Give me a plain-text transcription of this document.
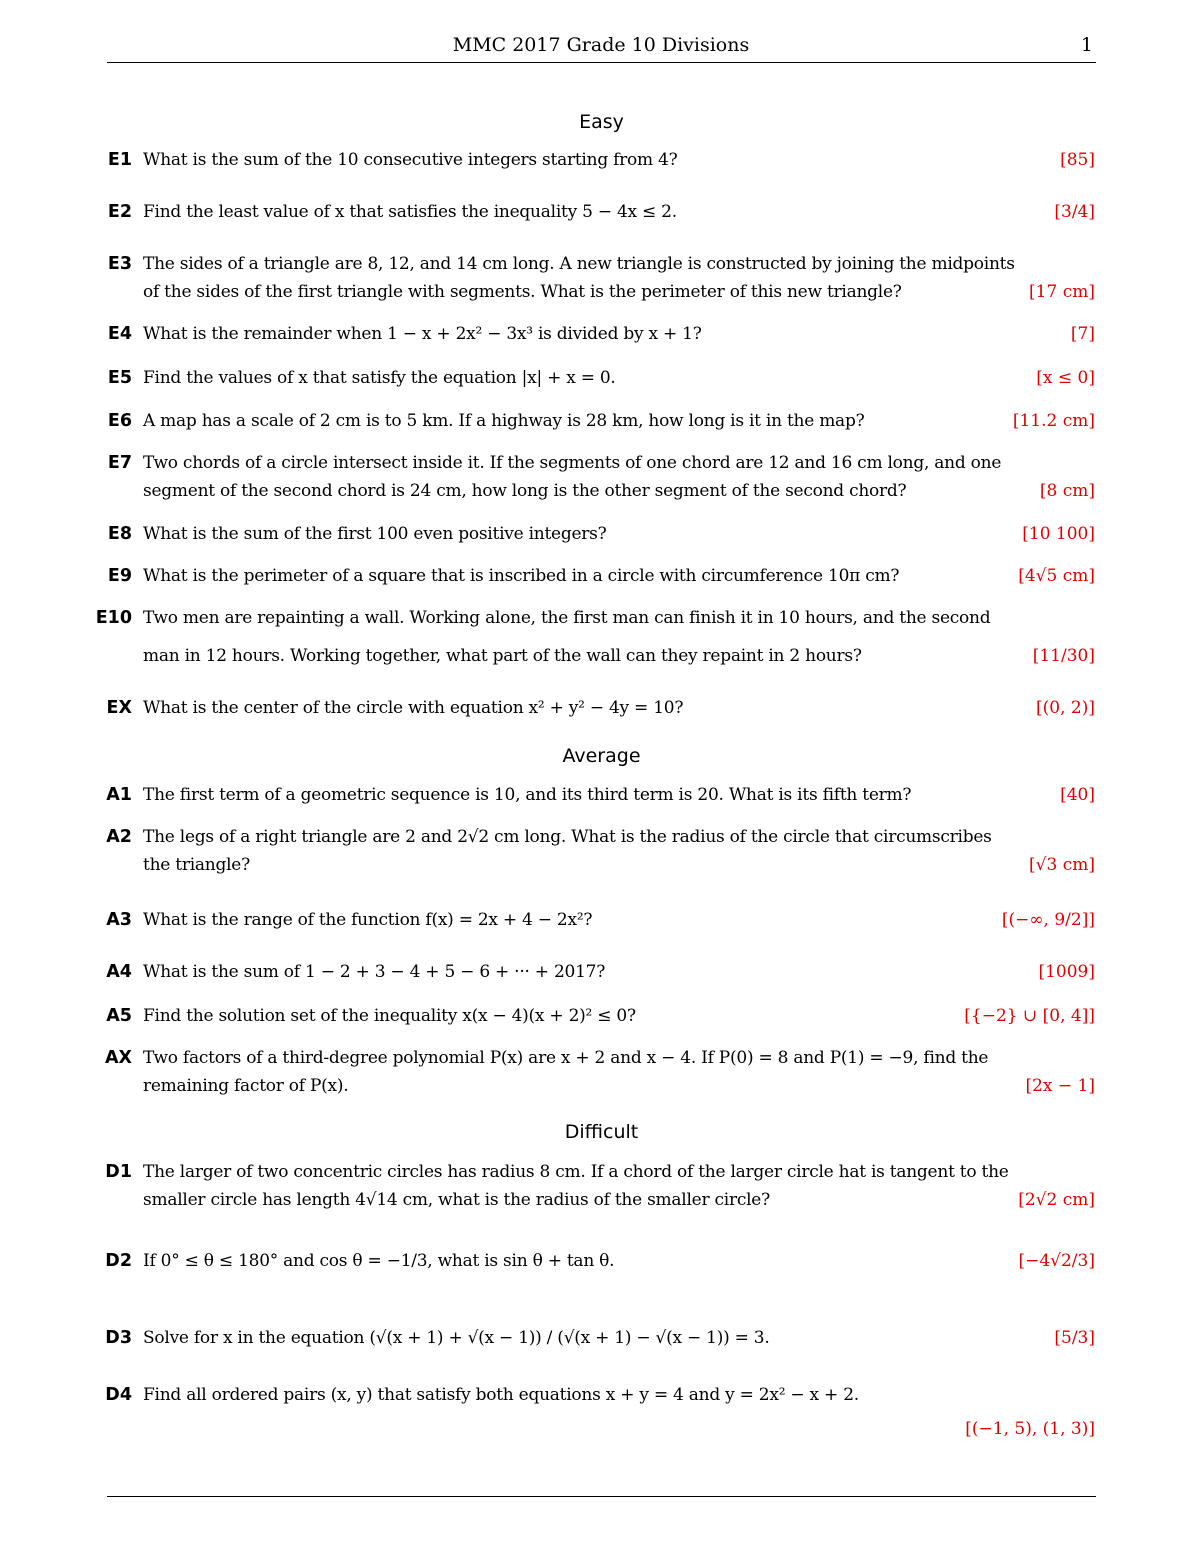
MMC 2017 Grade 10 Divisions	1
Easy
Average
Difficult
E1 What is the sum of the 10 consecutive integers starting from 4?	[85]
E2 Find the least value of x that satisfies the inequality 5 − 4x ≤ 2.	[3/4]
E3 The sides of a triangle are 8, 12, and 14 cm long. A new triangle is constructed by joining the midpoints
of the sides of the first triangle with segments. What is the perimeter of this new triangle?	[17 cm]
E4 What is the remainder when 1 − x + 2x² − 3x³ is divided by x + 1?	[7]
E5 Find the values of x that satisfy the equation |x| + x = 0.	[x ≤ 0]
E6 A map has a scale of 2 cm is to 5 km. If a highway is 28 km, how long is it in the map?	[11.2 cm]
E7 Two chords of a circle intersect inside it. If the segments of one chord are 12 and 16 cm long, and one
segment of the second chord is 24 cm, how long is the other segment of the second chord?	[8 cm]
E8 What is the sum of the first 100 even positive integers?	[10 100]
E9 What is the perimeter of a square that is inscribed in a circle with circumference 10π cm?	[4√5 cm]
E10 Two men are repainting a wall. Working alone, the first man can finish it in 10 hours, and the second
man in 12 hours. Working together, what part of the wall can they repaint in 2 hours?	[11/30]
EX What is the center of the circle with equation x² + y² − 4y = 10?	[(0, 2)]
A1 The first term of a geometric sequence is 10, and its third term is 20. What is its fifth term?	[40]
A2 The legs of a right triangle are 2 and 2√2 cm long. What is the radius of the circle that circumscribes
the triangle?	[√3 cm]
A3 What is the range of the function f(x) = 2x + 4 − 2x²?	[(−∞, 9/2]]
A4 What is the sum of 1 − 2 + 3 − 4 + 5 − 6 + ··· + 2017?	[1009]
A5 Find the solution set of the inequality x(x − 4)(x + 2)² ≤ 0?	[{−2} ∪ [0, 4]]
AX Two factors of a third-degree polynomial P(x) are x + 2 and x − 4. If P(0) = 8 and P(1) = −9, find the
remaining factor of P(x).	[2x − 1]
D1 The larger of two concentric circles has radius 8 cm. If a chord of the larger circle hat is tangent to the
smaller circle has length 4√14 cm, what is the radius of the smaller circle?	[2√2 cm]
D2 If 0° ≤ θ ≤ 180° and cos θ = −1/3, what is sin θ + tan θ.	[−4√2/3]
D3 Solve for x in the equation (√(x + 1) + √(x − 1)) / (√(x + 1) − √(x − 1)) = 3.	[5/3]
D4 Find all ordered pairs (x, y) that satisfy both equations x + y = 4 and y = 2x² − x + 2.
[(−1, 5), (1, 3)]
